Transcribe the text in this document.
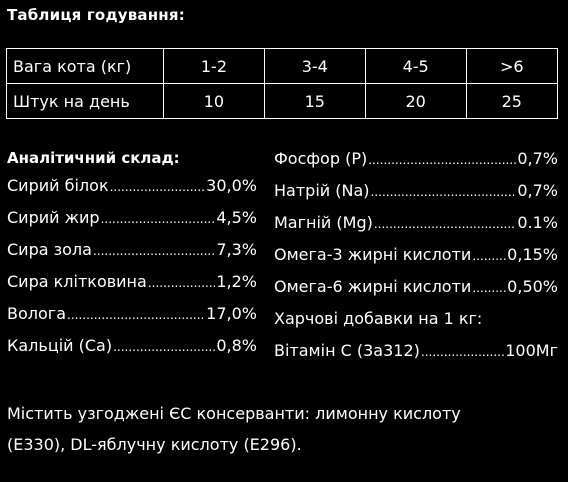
Таблиця годування:
Вага кота (кг)	1-2	3-4	4-5	>6
Штук на день	10	15	20	25
Аналітичний склад:
Сирий білок .....	30,0%
Сирий жир .....	4,5%
Сира зола .....	7,3%
Сира клітковина .....	1,2%
Волога .....	17,0%
Кальцій (Са) .....	0,8%
Фосфор (Р) .....	0,7%
Натрій (Na) .....	0,7%
Магній (Mg) .....	0.1%
Омега-3 жирні кислоти ..... 0,15%
Омега-6 жирні кислоти ..... 0,50%
Харчові добавки на 1 кг:
Вітамін С (3а312) .....	100Мг
Містить узгоджені ЄС консерванти: лимонну кислоту
(Е330), DL-яблучну кислоту (Е296).
